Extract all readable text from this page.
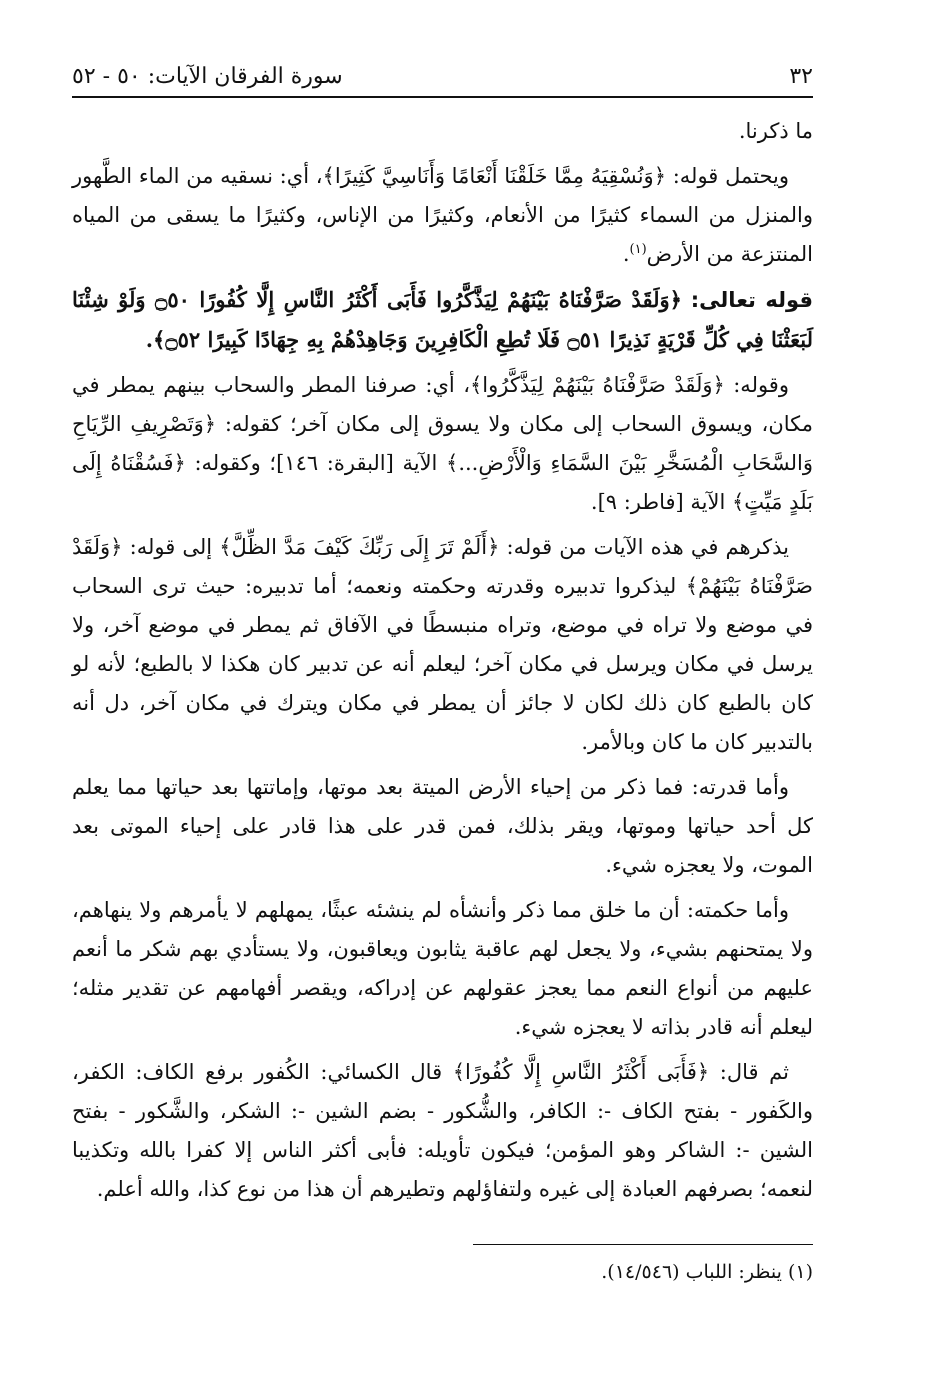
٣٢
سورة الفرقان الآيات: ٥٠ - ٥٢

ما ذكرنا.

ويحتمل قوله: ﴿وَنُسْقِيَهُ مِمَّا خَلَقْنَا أَنْعَامًا وَأَنَاسِيَّ كَثِيرًا﴾، أي: نسقيه من الماء الطَّهور والمنزل من السماء كثيرًا من الأنعام، وكثيرًا من الإناس، وكثيرًا ما يسقى من المياه المنتزعة من الأرض$^{(١)}$.

قوله تعالى: ﴿وَلَقَدْ صَرَّفْنَاهُ بَيْنَهُمْ لِيَذَّكَّرُوا فَأَبَى أَكْثَرُ النَّاسِ إِلَّا كُفُورًا ۝٥٠ وَلَوْ شِئْنَا لَبَعَثْنَا فِي كُلِّ قَرْيَةٍ نَذِيرًا ۝٥١ فَلَا تُطِعِ الْكَافِرِينَ وَجَاهِدْهُمْ بِهِ جِهَادًا كَبِيرًا ۝٥٢﴾.

وقوله: ﴿وَلَقَدْ صَرَّفْنَاهُ بَيْنَهُمْ لِيَذَّكَّرُوا﴾، أي: صرفنا المطر والسحاب بينهم يمطر في مكان، ويسوق السحاب إلى مكان ولا يسوق إلى مكان آخر؛ كقوله: ﴿وَتَصْرِيفِ الرِّيَاحِ وَالسَّحَابِ الْمُسَخَّرِ بَيْنَ السَّمَاءِ وَالْأَرْضِ...﴾ الآية [البقرة: ١٤٦]؛ وكقوله: ﴿فَسُقْنَاهُ إِلَى بَلَدٍ مَيِّتٍ﴾ الآية [فاطر: ٩].

يذكرهم في هذه الآيات من قوله: ﴿أَلَمْ تَرَ إِلَى رَبِّكَ كَيْفَ مَدَّ الظِّلَّ﴾ إلى قوله: ﴿وَلَقَدْ صَرَّفْنَاهُ بَيْنَهُمْ﴾ ليذكروا تدبيره وقدرته وحكمته ونعمه؛ أما تدبيره: حيث ترى السحاب في موضع ولا تراه في موضع، وتراه منبسطًا في الآفاق ثم يمطر في موضع آخر، ولا يرسل في مكان ويرسل في مكان آخر؛ ليعلم أنه عن تدبير كان هكذا لا بالطبع؛ لأنه لو كان بالطبع كان ذلك لكان لا جائز أن يمطر في مكان ويترك في مكان آخر، دل أنه بالتدبير كان ما كان وبالأمر.

وأما قدرته: فما ذكر من إحياء الأرض الميتة بعد موتها، وإماتتها بعد حياتها مما يعلم كل أحد حياتها وموتها، ويقر بذلك، فمن قدر على هذا قادر على إحياء الموتى بعد الموت، ولا يعجزه شيء.

وأما حكمته: أن ما خلق مما ذكر وأنشأه لم ينشئه عبثًا، يمهلهم لا يأمرهم ولا ينهاهم، ولا يمتحنهم بشيء، ولا يجعل لهم عاقبة يثابون ويعاقبون، ولا يستأدي بهم شكر ما أنعم عليهم من أنواع النعم مما يعجز عقولهم عن إدراكه، ويقصر أفهامهم عن تقدير مثله؛ ليعلم أنه قادر بذاته لا يعجزه شيء.

ثم قال: ﴿فَأَبَى أَكْثَرُ النَّاسِ إِلَّا كُفُورًا﴾ قال الكسائي: الكُفور برفع الكاف: الكفر، والكَفور - بفتح الكاف -: الكافر، والشُّكور - بضم الشين -: الشكر، والشَّكور - بفتح الشين -: الشاكر وهو المؤمن؛ فيكون تأويله: فأبى أكثر الناس إلا كفرا بالله وتكذيبا لنعمه؛ بصرفهم العبادة إلى غيره ولتفاؤلهم وتطيرهم أن هذا من نوع كذا، والله أعلم.

(١) ينظر: اللباب (١٤/٥٤٦).
